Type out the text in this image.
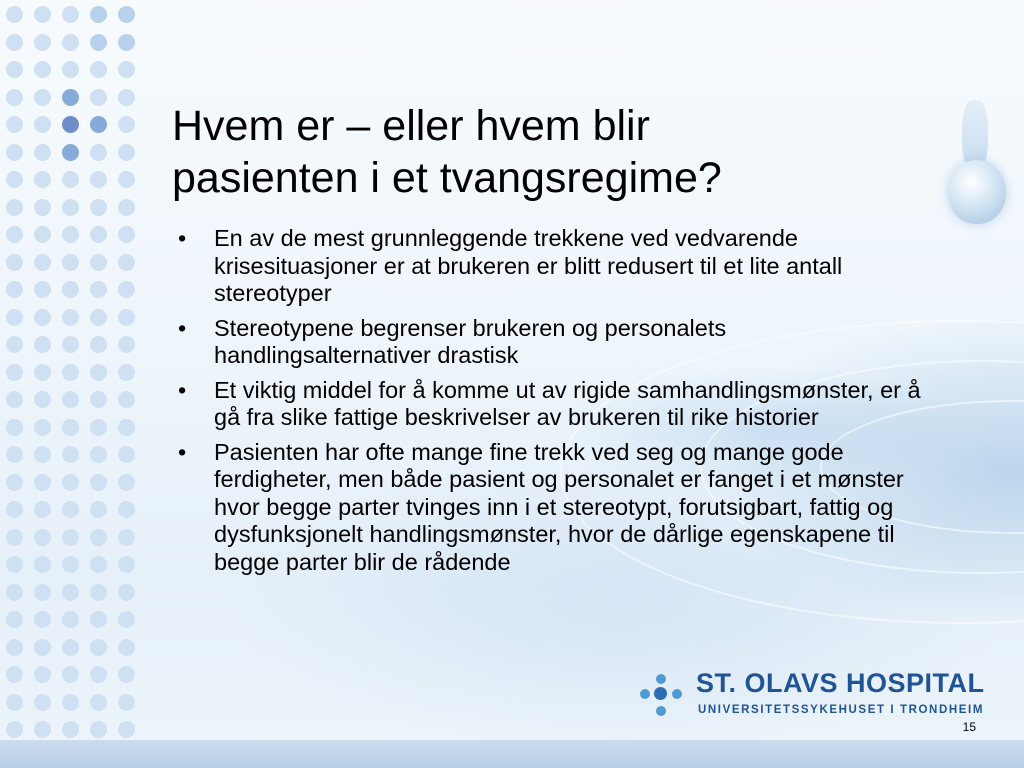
Hvem er – eller hvem blir
pasienten i et tvangsregime?
• En av de mest grunnleggende trekkene ved vedvarende krisesituasjoner er at brukeren er blitt redusert til et lite antall stereotyper
• Stereotypene begrenser brukeren og personalets handlingsalternativer drastisk
• Et viktig middel for å komme ut av rigide samhandlingsmønster, er å gå fra slike fattige beskrivelser av brukeren til rike historier
• Pasienten har ofte mange fine trekk ved seg og mange gode ferdigheter, men både pasient og personalet er fanget i et mønster hvor begge parter tvinges inn i et stereotypt, forutsigbart, fattig og dysfunksjonelt handlingsmønster, hvor de dårlige egenskapene til begge parter blir de rådende
ST. OLAVS HOSPITAL
UNIVERSITETSSYKEHUSET I TRONDHEIM
15
